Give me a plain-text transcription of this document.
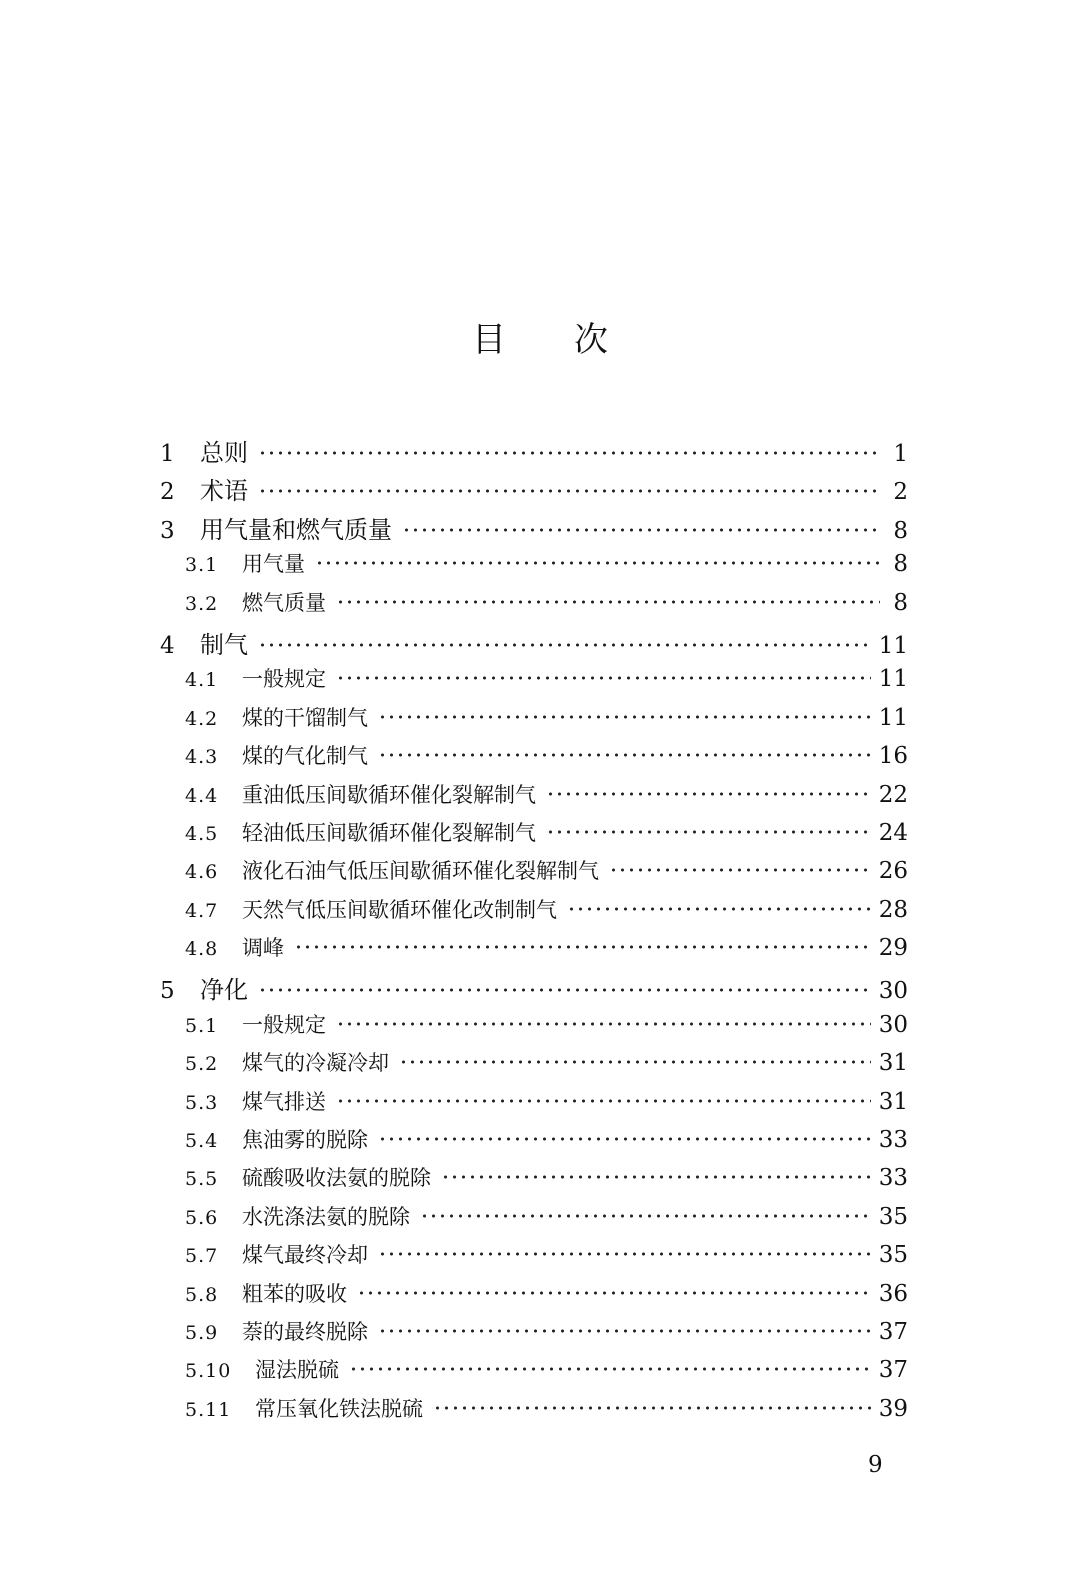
目 次
1	总则	1
2	术语	2
3	用气量和燃气质量	8
3.1	用气量	8
3.2	燃气质量	8
4	制气	11
4.1	一般规定	11
4.2	煤的干馏制气	11
4.3	煤的气化制气	16
4.4	重油低压间歇循环催化裂解制气	22
4.5	轻油低压间歇循环催化裂解制气	24
4.6	液化石油气低压间歇循环催化裂解制气	26
4.7	天然气低压间歇循环催化改制制气	28
4.8	调峰	29
5	净化	30
5.1	一般规定	30
5.2	煤气的冷凝冷却	31
5.3	煤气排送	31
5.4	焦油雾的脱除	33
5.5	硫酸吸收法氨的脱除	33
5.6	水洗涤法氨的脱除	35
5.7	煤气最终冷却	35
5.8	粗苯的吸收	36
5.9	萘的最终脱除	37
5.10	湿法脱硫	37
5.11	常压氧化铁法脱硫	39
9
